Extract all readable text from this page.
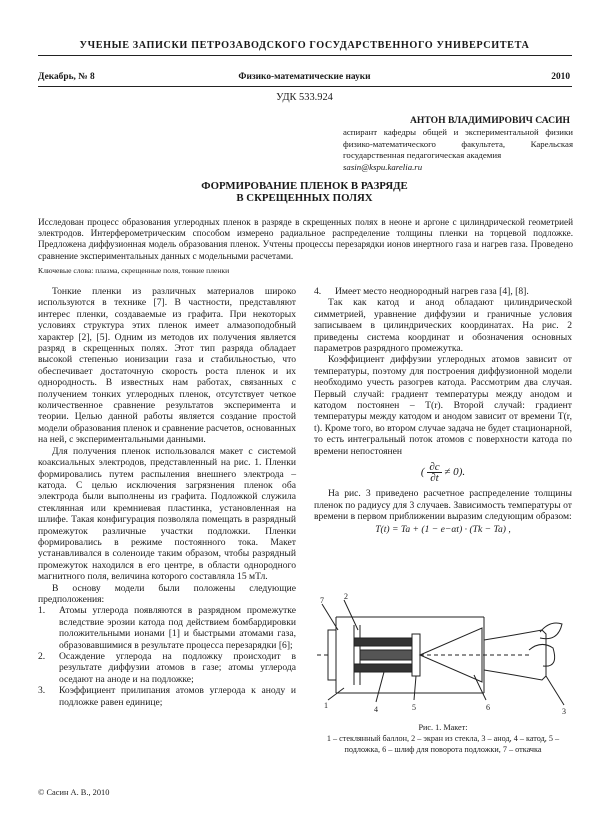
УЧЕНЫЕ ЗАПИСКИ ПЕТРОЗАВОДСКОГО ГОСУДАРСТВЕННОГО УНИВЕРСИТЕТА
Декабрь, № 8	Физико-математические науки	2010
УДК 533.924
АНТОН ВЛАДИМИРОВИЧ САСИН
аспирант кафедры общей и экспериментальной физики физико-математического факультета, Карельская государственная педагогическая академия
sasin@kspu.karelia.ru
ФОРМИРОВАНИЕ ПЛЕНОК В РАЗРЯДЕ
В СКРЕЩЕННЫХ ПОЛЯХ
Исследован процесс образования углеродных пленок в разряде в скрещенных полях в неоне и аргоне с цилиндрической геометрией электродов. Интерферометрическим способом измерено радиальное распределение толщины пленки на торцевой подложке. Предложена диффузионная модель образования пленок. Учтены процессы перезарядки ионов инертного газа и нагрев газа. Проведено сравнение экспериментальных данных с модельными расчетами.
Ключевые слова: плазма, скрещенные поля, тонкие пленки

Тонкие пленки из различных материалов широко используются в технике [7]. В частности, представляют интерес пленки, создаваемые из графита. При некоторых условиях структура этих пленок имеет алмазоподобный характер [2], [5]. Одним из методов их получения является разряд в скрещенных полях. Этот тип разряда обладает высокой степенью ионизации газа и стабильностью, что обеспечивает достаточную скорость роста пленок и их однородность. В известных нам работах, связанных с получением тонких углеродных пленок, отсутствует четкое количественное сравнение результатов эксперимента и теории. Целью данной работы является создание простой модели образования пленок и сравнение расчетов, основанных на ней, с экспериментальными данными.

Для получения пленок использовался макет с системой коаксиальных электродов, представленный на рис. 1. Пленки формировались путем распыления внешнего электрода – катода. С целью исключения загрязнения пленок оба электрода были выполнены из графита. Подложкой служила стеклянная или кремниевая пластинка, установленная на шлифе. Такая конфигурация позволяла помещать в разрядный промежуток различные участки подложки. Пленки формировались в режиме постоянного тока. Макет устанавливался в соленоиде таким образом, чтобы разрядный промежуток находился в его центре, в области однородного магнитного поля, величина которого составляла 15 мТл.

В основу модели были положены следующие предположения:

1. Атомы углерода появляются в разрядном промежутке вследствие эрозии катода под действием бомбардировки положительными ионами [1] и быстрыми атомами газа, образовавшимися в результате процесса перезарядки [6];

2. Осаждение углерода на подложку происходит в результате диффузии атомов в газе; атомы углерода оседают на аноде и на подложке;

3. Коэффициент прилипания атомов углерода к аноду и подложке равен единице;

4. Имеет место неоднородный нагрев газа [4], [8].

Так как катод и анод обладают цилиндрической симметрией, уравнение диффузии и граничные условия записываем в цилиндрических координатах. На рис. 2 приведены система координат и обозначения основных параметров разрядного промежутка.

Коэффициент диффузии углеродных атомов зависит от температуры, поэтому для построения диффузионной модели необходимо учесть разогрев катода. Рассмотрим два случая. Первый случай: градиент температуры между анодом и катодом постоянен – T(r). Второй случай: градиент температуры между катодом и анодом зависит от времени T(r, t). Кроме того, во втором случае задача не будет стационарной, то есть интегральный поток атомов с поверхности катода по времени непостоянен

( $\frac{\partial c}{\partial t} \ne 0$).

На рис. 3 приведено расчетное распределение толщины пленок по радиусу для 3 случаев. Зависимость температуры от времени в первом приближении выразим следующим образом:

T(t) = Ta + (1 − e−αt) · (Tk − Ta) ,

1
2
3
4	5	6
7
Рис. 1. Макет:
1 – стеклянный баллон, 2 – экран из стекла, 3 – анод, 4 – катод, 5 – подложка, 6 – шлиф для поворота подложки, 7 – откачка
© Сасин А. В., 2010
